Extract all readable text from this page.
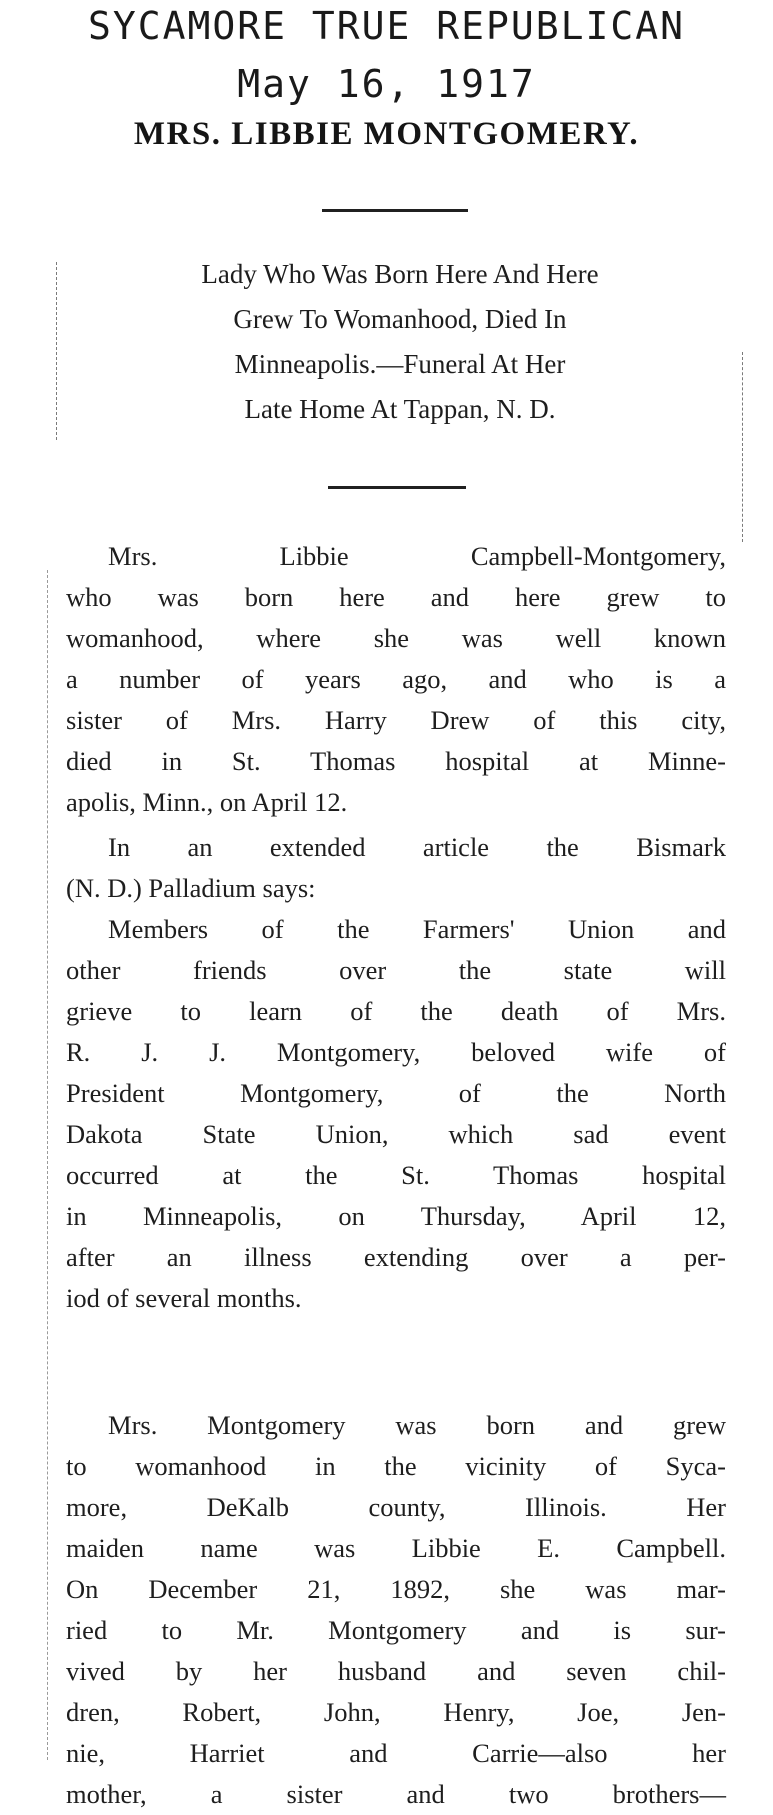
SYCAMORE TRUE REPUBLICAN
May 16, 1917
MRS. LIBBIE MONTGOMERY.
Lady Who Was Born Here And Here
Grew To Womanhood, Died In
Minneapolis.—Funeral At Her
Late Home At Tappan, N. D.
Mrs. Libbie Campbell-Montgomery,
who was born here and here grew to
womanhood, where she was well known
a number of years ago, and who is a
sister of Mrs. Harry Drew of this city,
died in St. Thomas hospital at Minne-
apolis, Minn., on April 12.
In an extended article the Bismark
(N. D.) Palladium says:
Members of the Farmers' Union and
other friends over the state will
grieve to learn of the death of Mrs.
R. J. J. Montgomery, beloved wife of
President Montgomery, of the North
Dakota State Union, which sad event
occurred at the St. Thomas hospital
in Minneapolis, on Thursday, April 12,
after an illness extending over a per-
iod of several months.
Mrs. Montgomery was born and grew
to womanhood in the vicinity of Syca-
more, DeKalb county, Illinois. Her
maiden name was Libbie E. Campbell.
On December 21, 1892, she was mar-
ried to Mr. Montgomery and is sur-
vived by her husband and seven chil-
dren, Robert, John, Henry, Joe, Jen-
nie, Harriet and Carrie—also her
mother, a sister and two brothers—
